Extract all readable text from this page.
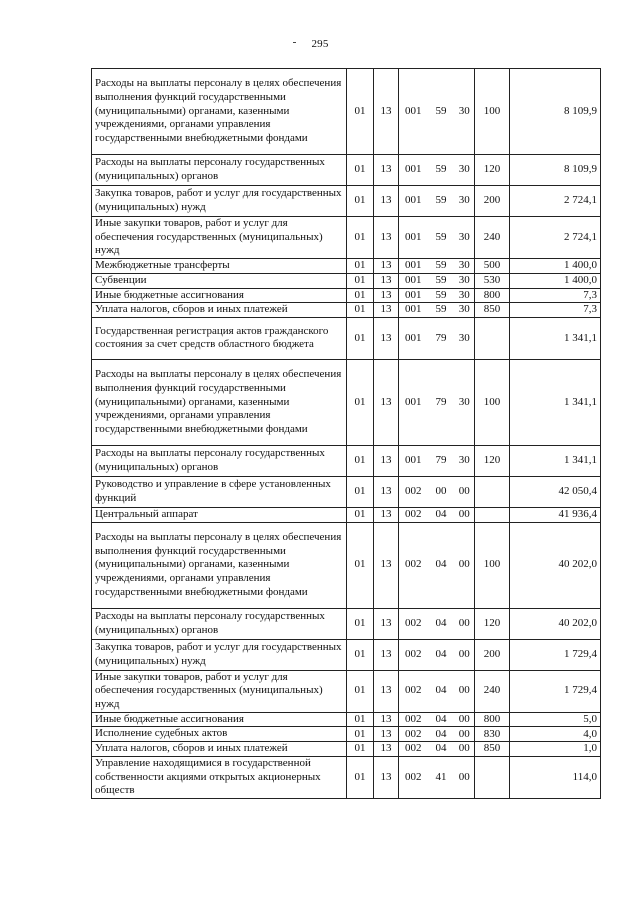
295
Расходы на выплаты персоналу в целях обеспечения выполнения функций государственными (муниципальными) органами, казенными учреждениями, органами управления государственными внебюджетными фондами	01	13	001	59	30	100	8 109,9
Расходы на выплаты персоналу государственных (муниципальных) органов	01	13	001	59	30	120	8 109,9
Закупка товаров, работ и услуг для государственных (муниципальных) нужд	01	13	001	59	30	200	2 724,1
Иные закупки товаров, работ и услуг для обеспечения государственных (муниципальных) нужд	01	13	001	59	30	240	2 724,1
Межбюджетные трансферты	01	13	001	59	30	500	1 400,0
Субвенции	01	13	001	59	30	530	1 400,0
Иные бюджетные ассигнования	01	13	001	59	30	800	7,3
Уплата налогов, сборов и иных платежей	01	13	001	59	30	850	7,3
Государственная регистрация актов гражданского состояния за счет средств областного бюджета	01	13	001	79	30		1 341,1
Расходы на выплаты персоналу в целях обеспечения выполнения функций государственными (муниципальными) органами, казенными учреждениями, органами управления государственными внебюджетными фондами	01	13	001	79	30	100	1 341,1
Расходы на выплаты персоналу государственных (муниципальных) органов	01	13	001	79	30	120	1 341,1
Руководство и управление в сфере установленных функций	01	13	002	00	00		42 050,4
Центральный аппарат	01	13	002	04	00		41 936,4
Расходы на выплаты персоналу в целях обеспечения выполнения функций государственными (муниципальными) органами, казенными учреждениями, органами управления государственными внебюджетными фондами	01	13	002	04	00	100	40 202,0
Расходы на выплаты персоналу государственных (муниципальных) органов	01	13	002	04	00	120	40 202,0
Закупка товаров, работ и услуг для государственных (муниципальных) нужд	01	13	002	04	00	200	1 729,4
Иные закупки товаров, работ и услуг для обеспечения государственных (муниципальных) нужд	01	13	002	04	00	240	1 729,4
Иные бюджетные ассигнования	01	13	002	04	00	800	5,0
Исполнение судебных актов	01	13	002	04	00	830	4,0
Уплата налогов, сборов и иных платежей	01	13	002	04	00	850	1,0
Управление находящимися в государственной собственности акциями открытых акционерных обществ	01	13	002	41	00		114,0
